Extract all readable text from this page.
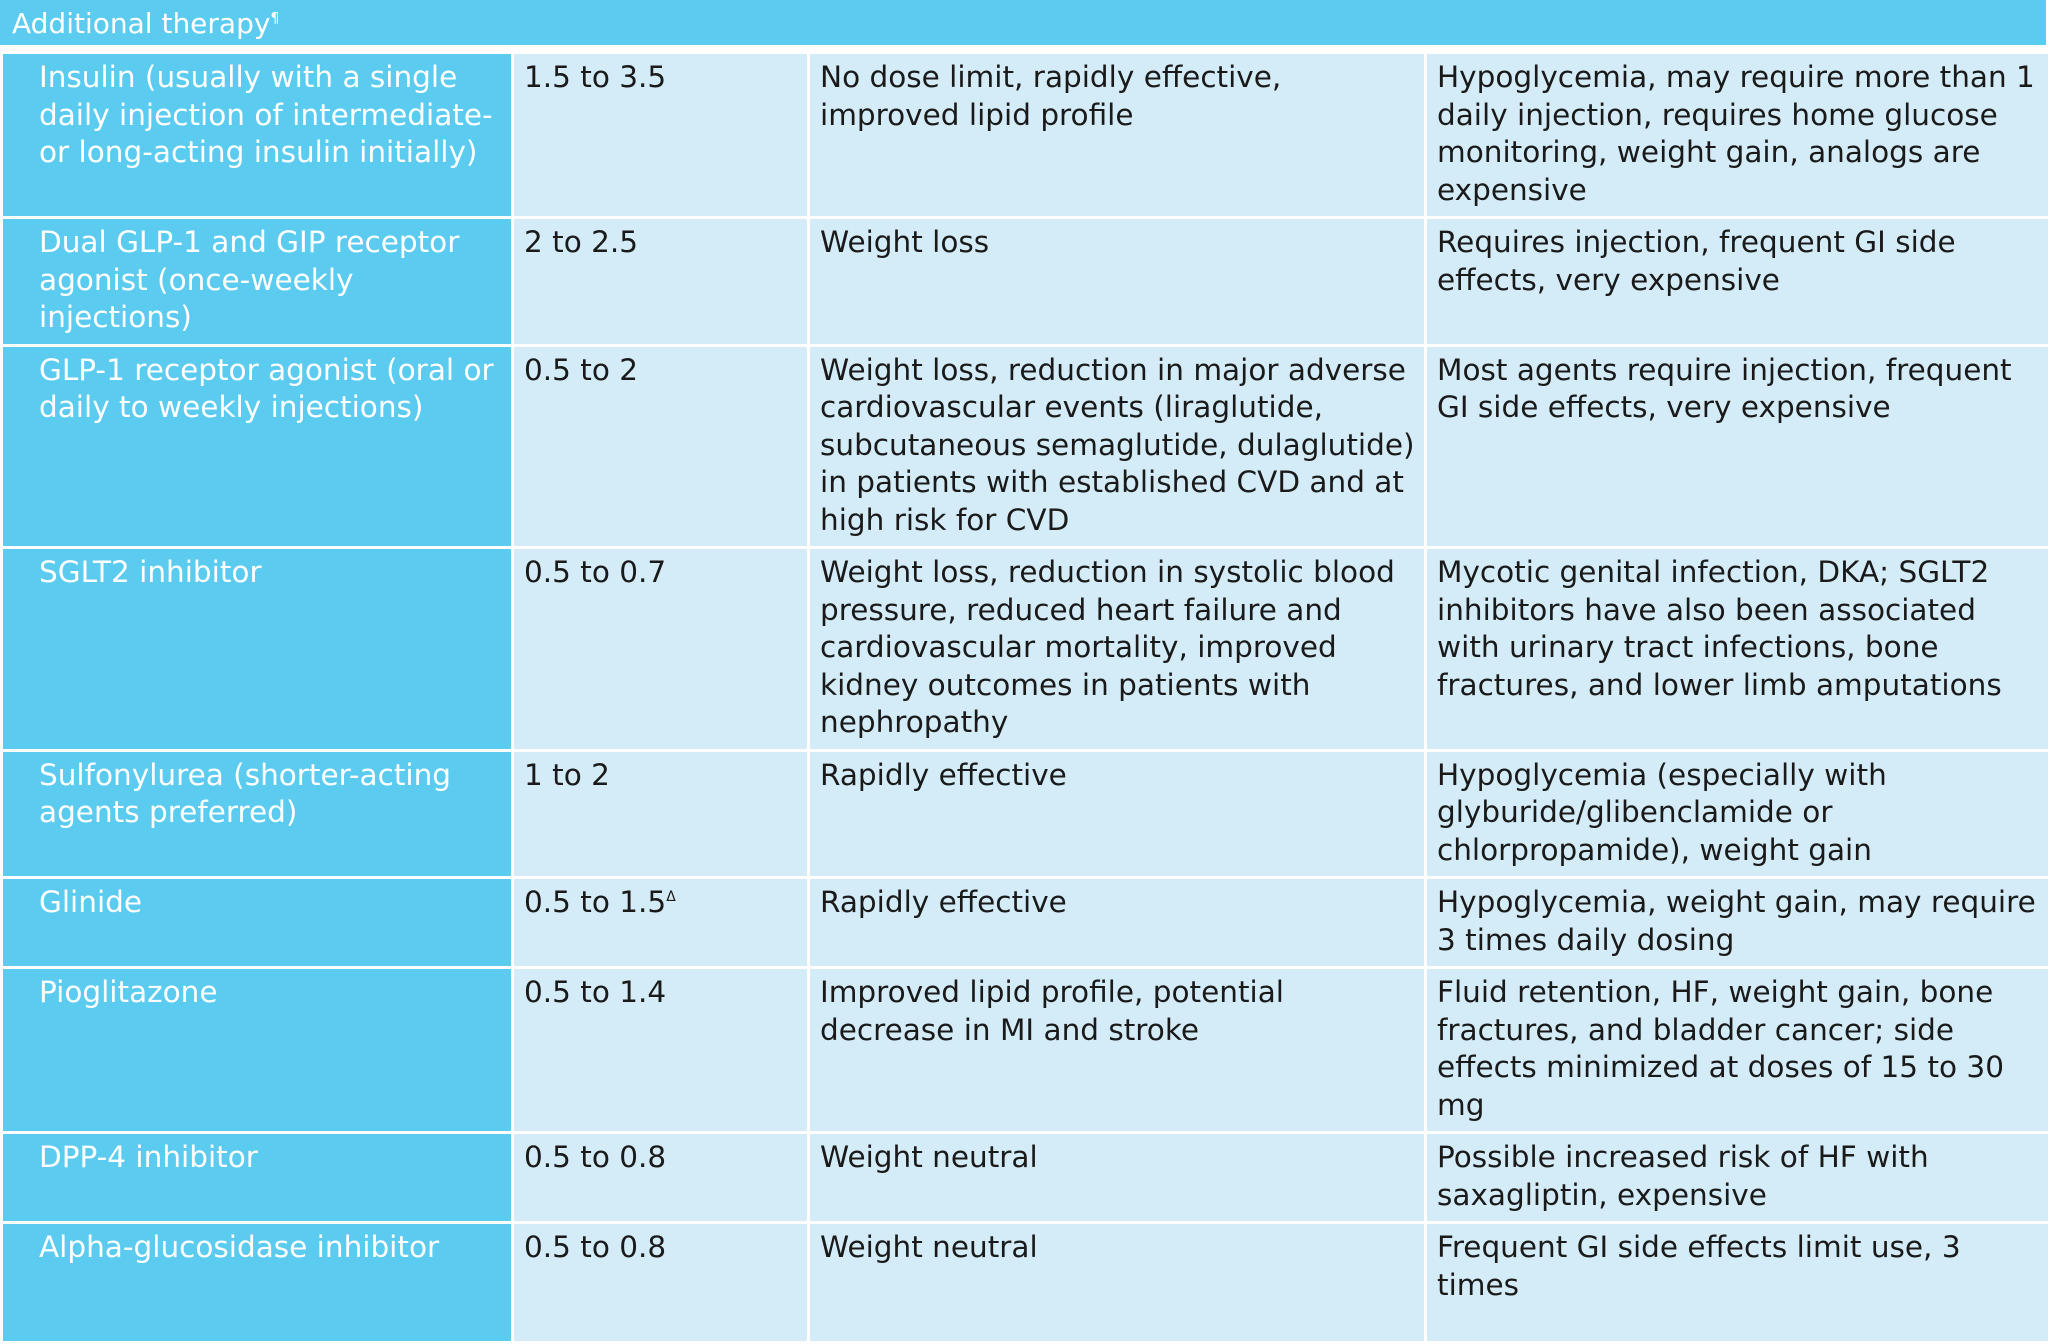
Additional therapy¶
Insulin (usually with a single daily injection of intermediate- or long-acting insulin initially)	1.5 to 3.5	No dose limit, rapidly effective, improved lipid profile	Hypoglycemia, may require more than 1 daily injection, requires home glucose monitoring, weight gain, analogs are expensive
Dual GLP-1 and GIP receptor agonist (once-weekly injections)	2 to 2.5	Weight loss	Requires injection, frequent GI side effects, very expensive
GLP-1 receptor agonist (oral or daily to weekly injections)	0.5 to 2	Weight loss, reduction in major adverse cardiovascular events (liraglutide, subcutaneous semaglutide, dulaglutide) in patients with established CVD and at high risk for CVD	Most agents require injection, frequent GI side effects, very expensive
SGLT2 inhibitor	0.5 to 0.7	Weight loss, reduction in systolic blood pressure, reduced heart failure and cardiovascular mortality, improved kidney outcomes in patients with nephropathy	Mycotic genital infection, DKA; SGLT2 inhibitors have also been associated with urinary tract infections, bone fractures, and lower limb amputations
Sulfonylurea (shorter-acting agents preferred)	1 to 2	Rapidly effective	Hypoglycemia (especially with glyburide/glibenclamide or chlorpropamide), weight gain
Glinide	0.5 to $1.5^\Delta$	Rapidly effective	Hypoglycemia, weight gain, may require 3 times daily dosing
Pioglitazone	0.5 to 1.4	Improved lipid profile, potential decrease in MI and stroke	Fluid retention, HF, weight gain, bone fractures, and bladder cancer; side effects minimized at doses of 15 to 30 mg
DPP-4 inhibitor	0.5 to 0.8	Weight neutral	Possible increased risk of HF with saxagliptin, expensive
Alpha-glucosidase inhibitor	0.5 to 0.8	Weight neutral	Frequent GI side effects limit use, 3 times
